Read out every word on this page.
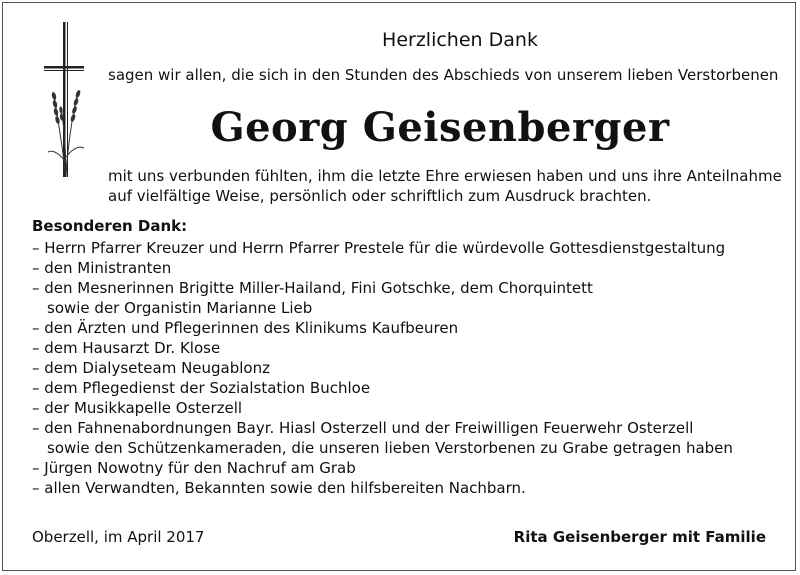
Herzlichen Dank
sagen wir allen, die sich in den Stunden des Abschieds von unserem lieben Verstorbenen
Georg Geisenberger
mit uns verbunden fühlten, ihm die letzte Ehre erwiesen haben und uns ihre Anteilnahme
auf vielfältige Weise, persönlich oder schriftlich zum Ausdruck brachten.
Besonderen Dank:
– Herrn Pfarrer Kreuzer und Herrn Pfarrer Prestele für die würdevolle Gottesdienstgestaltung
– den Ministranten
– den Mesnerinnen Brigitte Miller-Hailand, Fini Gotschke, dem Chorquintett
sowie der Organistin Marianne Lieb
– den Ärzten und Pflegerinnen des Klinikums Kaufbeuren
– dem Hausarzt Dr. Klose
– dem Dialyseteam Neugablonz
– dem Pflegedienst der Sozialstation Buchloe
– der Musikkapelle Osterzell
– den Fahnenabordnungen Bayr. Hiasl Osterzell und der Freiwilligen Feuerwehr Osterzell
sowie den Schützenkameraden, die unseren lieben Verstorbenen zu Grabe getragen haben
– Jürgen Nowotny für den Nachruf am Grab
– allen Verwandten, Bekannten sowie den hilfsbereiten Nachbarn.
Oberzell, im April 2017	Rita Geisenberger mit Familie
